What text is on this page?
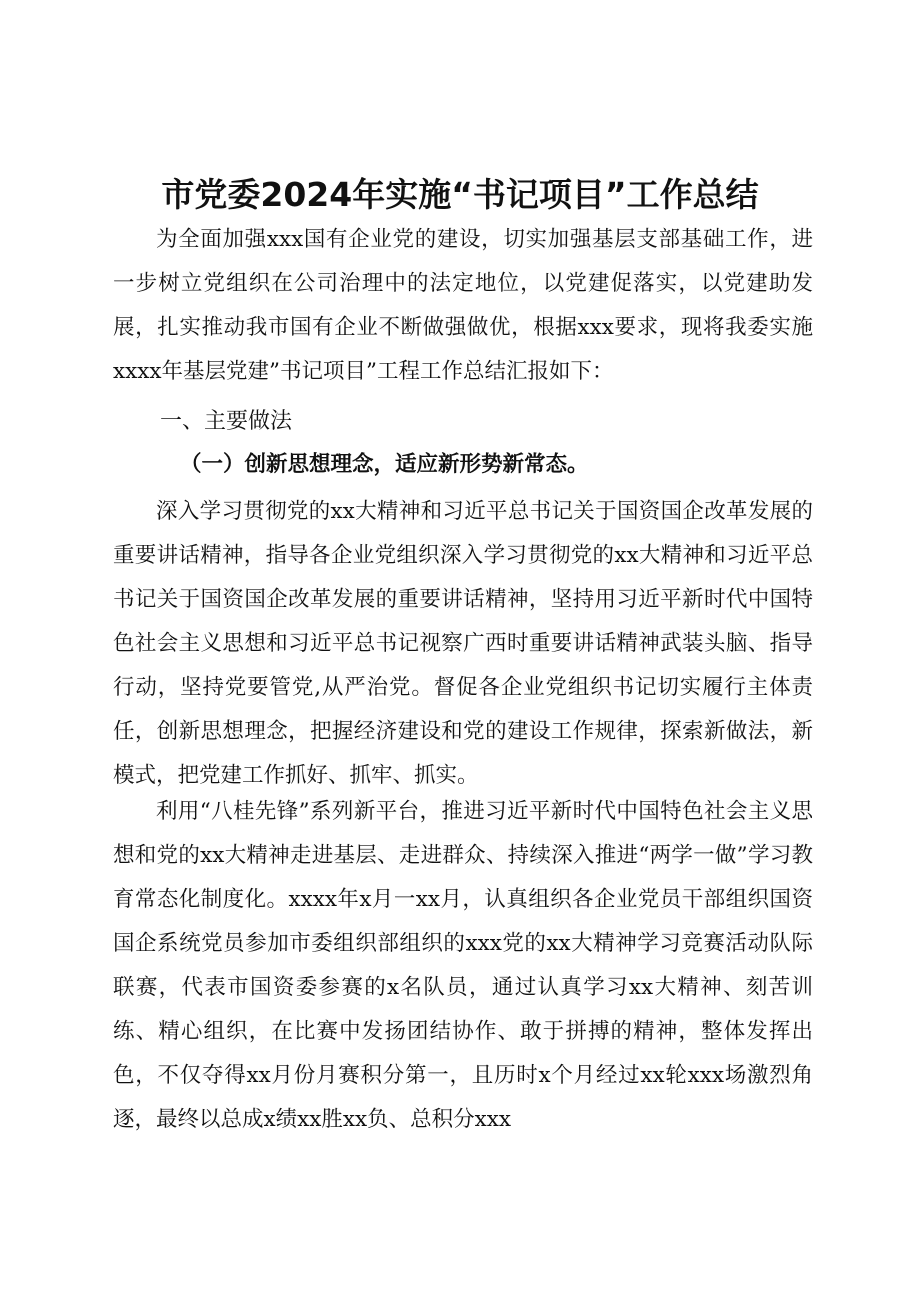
市党委2024年实施“书记项目”工作总结

为全面加强xxx国有企业党的建设，切实加强基层支部基础工作，进一步树立党组织在公司治理中的法定地位，以党建促落实，以党建助发展，扎实推动我市国有企业不断做强做优，根据xxx要求，现将我委实施xxxx年基层党建”书记项目”工程工作总结汇报如下：

一、主要做法
（一）创新思想理念，适应新形势新常态。

深入学习贯彻党的xx大精神和习近平总书记关于国资国企改革发展的重要讲话精神，指导各企业党组织深入学习贯彻党的xx大精神和习近平总书记关于国资国企改革发展的重要讲话精神，坚持用习近平新时代中国特色社会主义思想和习近平总书记视察广西时重要讲话精神武装头脑、指导行动，坚持党要管党,从严治党。督促各企业党组织书记切实履行主体责任，创新思想理念，把握经济建设和党的建设工作规律，探索新做法，新模式，把党建工作抓好、抓牢、抓实。

利用“八桂先锋”系列新平台，推进习近平新时代中国特色社会主义思想和党的xx大精神走进基层、走进群众、持续深入推进“两学一做”学习教育常态化制度化。xxxx年x月一xx月，认真组织各企业党员干部组织国资国企系统党员参加市委组织部组织的xxx党的xx大精神学习竞赛活动队际联赛，代表市国资委参赛的x名队员，通过认真学习xx大精神、刻苦训练、精心组织，在比赛中发扬团结协作、敢于拼搏的精神，整体发挥出色，不仅夺得xx月份月赛积分第一，且历时x个月经过xx轮xxx场激烈角逐，最终以总成x绩xx胜xx负、总积分xxx
